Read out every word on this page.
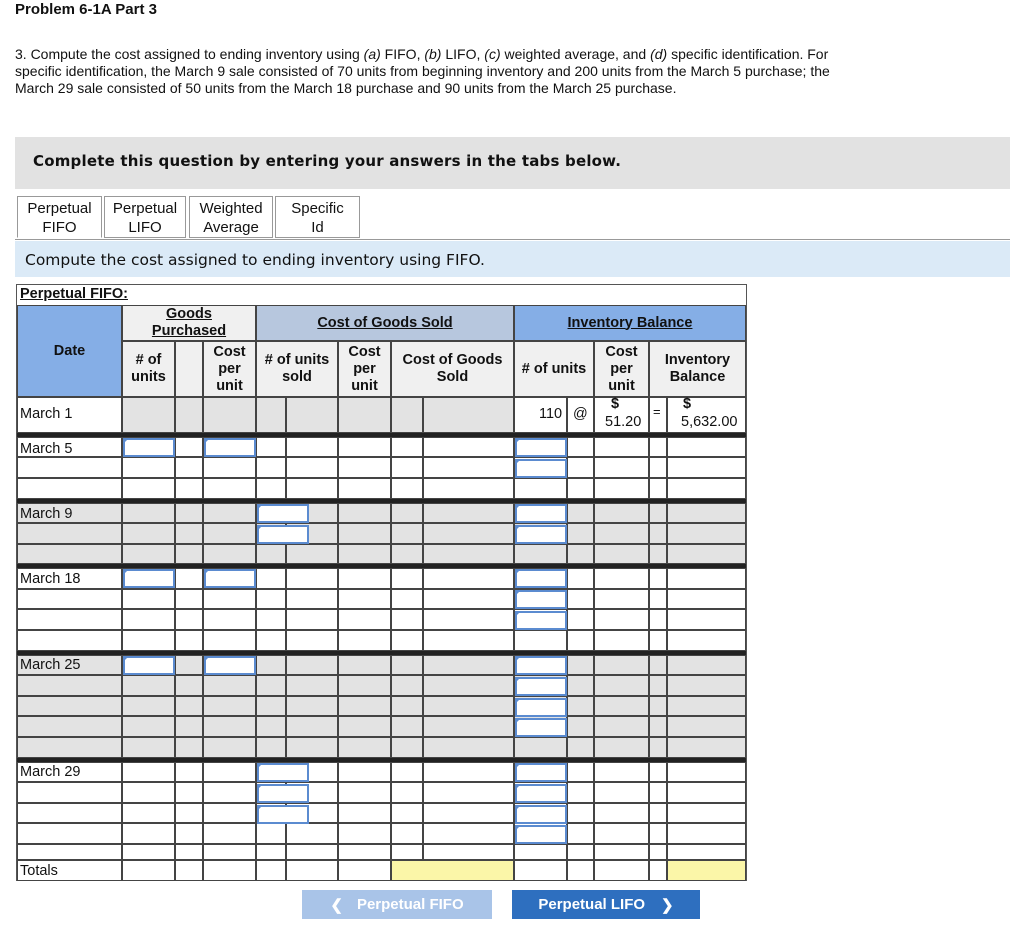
Problem 6-1A Part 3
3. Compute the cost assigned to ending inventory using (a) FIFO, (b) LIFO, (c) weighted average, and (d) specific identification. For specific identification, the March 9 sale consisted of 70 units from beginning inventory and 200 units from the March 5 purchase; the March 29 sale consisted of 50 units from the March 18 purchase and 90 units from the March 25 purchase.
Complete this question by entering your answers in the tabs below.
Perpetual
FIFO
Perpetual
LIFO
Weighted
Average
Specific
Id
Compute the cost assigned to ending inventory using FIFO.
Perpetual FIFO:
Date
Goods Purchased
Cost of Goods Sold	Inventory Balance
# of units
Cost per unit
# of units sold
Cost per unit
Cost of Goods Sold
# of units
Cost per unit
Inventory Balance
March 1
March 5
March 9
March 18
March 25
March 29
Totals
110 @
$
51.20
= $
5,632.00
❮ Perpetual FIFO	Perpetual LIFO ❯
